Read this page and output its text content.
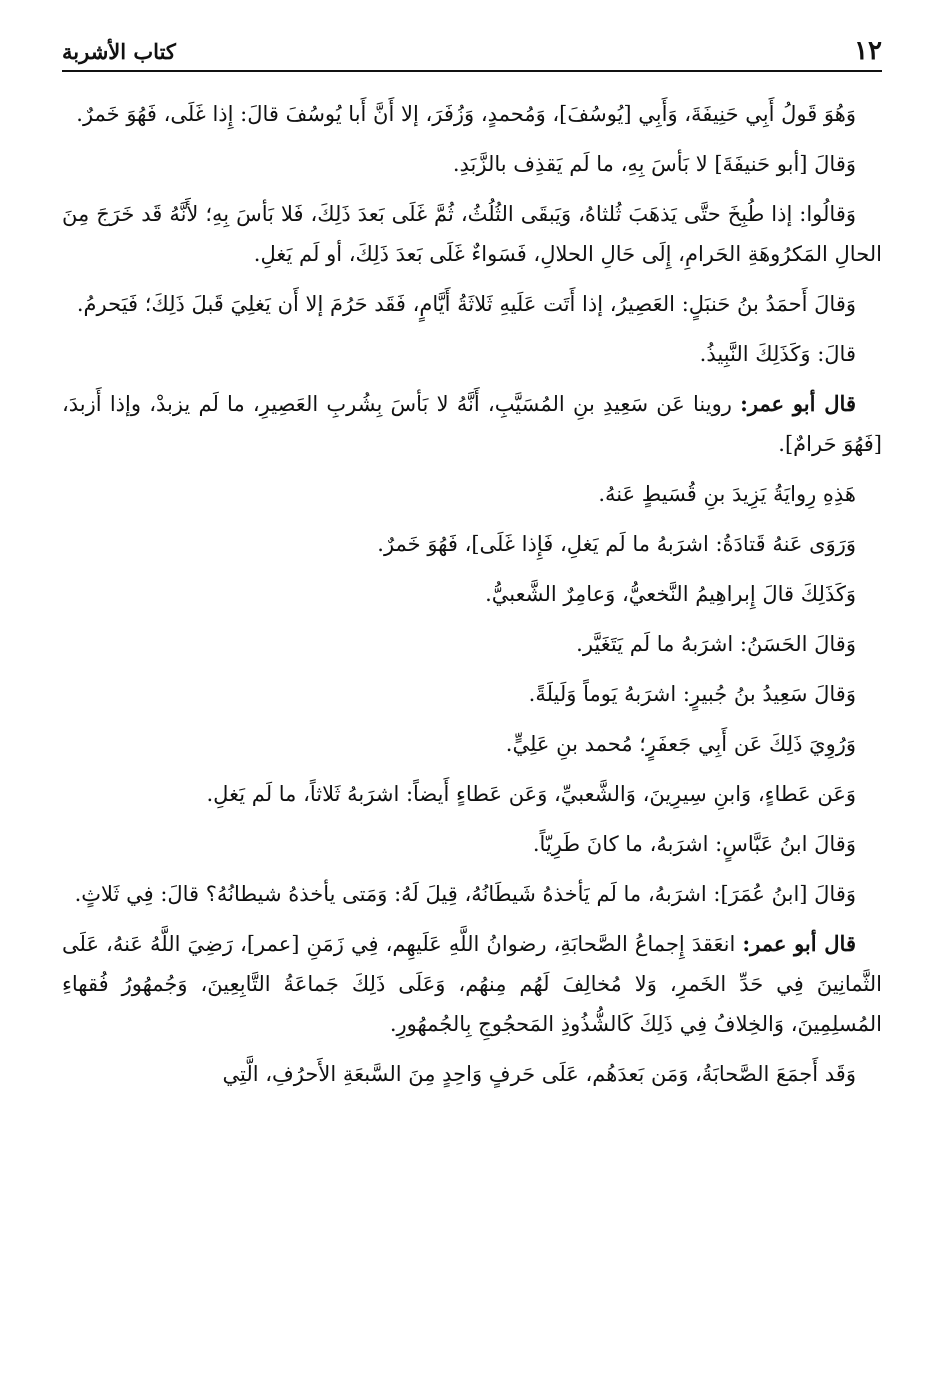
١٢
كتاب الأشربة

وَهُوَ قَولُ أَبِي حَنِيفَةَ، وَأَبِي [يُوسُفَ]، وَمُحمدٍ، وَزُفَرَ، إلا أَنَّ أَبا يُوسُفَ قالَ: إِذا غَلَى، فَهُوَ خَمرٌ.

وَقالَ [أبو حَنيفَةَ] لا بَأسَ بِهِ، ما لَم يَقذِف بالزَّبَدِ.

وَقالُوا: إذا طُبِخَ حتَّى يَذهَبَ ثُلثاهُ، وَيَبقَى الثُلُثُ، ثُمَّ غَلَى بَعدَ ذَلِكَ، فَلا بَأسَ بِهِ؛ لأَنَّهُ قَد خَرَجَ مِنَ الحالِ المَكرُوهَةِ الحَرامِ، إِلَى حَالِ الحلالِ، فَسَواءٌ غَلَى بَعدَ ذَلِكَ، أو لَم يَغلِ.

وَقالَ أَحمَدُ بنُ حَنبَلٍ: العَصِيرُ، إذا أَتَت عَلَيهِ ثَلاثَةُ أَيَّامٍ، فَقَد حَرُمَ إلا أَن يَغلِيَ قَبلَ ذَلِكَ؛ فَيَحرمُ.

قالَ: وَكَذَلِكَ النَّبِيذُ.

قال أبو عمر: روينا عَن سَعِيدِ بنِ المُسَيَّبِ، أَنَّهُ لا بَأسَ بِشُربِ العَصِيرِ، ما لَم يزبدْ، وإذا أَزبدَ، [فَهُوَ حَرامٌ].

هَذِهِ رِوايَةُ يَزِيدَ بنِ قُسَيطٍ عَنهُ.

وَرَوَى عَنهُ قَتادَةُ: اشرَبهُ ما لَم يَغلِ، فَإِذا غَلَى]، فَهُوَ خَمرٌ.

وَكَذَلِكَ قالَ إِبراهِيمُ النَّخعيُّ، وَعامِرٌ الشَّعبيُّ.

وَقالَ الحَسَنُ: اشرَبهُ ما لَم يَتَغَيَّر.

وَقالَ سَعِيدُ بنُ جُبيرٍ: اشرَبهُ يَوماً وَلَيلَةً.

وَرُوِيَ ذَلِكَ عَن أَبِي جَعفَرٍ؛ مُحمد بنِ عَلِيٍّ.

وَعَن عَطاءٍ، وَابنِ سِيرِينَ، وَالشَّعبيِّ، وَعَن عَطاءٍ أَيضاً: اشرَبهُ ثَلاثاً، ما لَم يَغلِ.

وَقالَ ابنُ عَبَّاسٍ: اشرَبهُ، ما كانَ طَرِيّاً.

وَقالَ [ابنُ عُمَرَ]: اشرَبهُ، ما لَم يَأخذهُ شَيطَانُهُ، قِيلَ لَهُ: وَمَتى يأخذهُ شيطانُهُ؟ قالَ: فِي ثَلاثٍ.

قال أبو عمر: انعَقدَ إِجماعُ الصَّحابَةِ، رضوانُ اللَّهِ عَلَيهِم، فِي زَمَنِ [عمر]، رَضِيَ اللَّهُ عَنهُ، عَلَى الثَّمانِينَ فِي حَدِّ الخَمرِ، وَلا مُخالِفَ لَهُم مِنهُم، وَعَلَى ذَلِكَ جَماعَةُ التَّابِعِينَ، وَجُمهُورُ فُقهاءِ المُسلِمِينَ، وَالخِلافُ فِي ذَلِكَ كَالشُّذُوذِ المَحجُوجِ بِالجُمهُورِ.

وَقَد أَجمَعَ الصَّحابَةُ، وَمَن بَعدَهُم، عَلَى حَرفٍ وَاحِدٍ مِنَ السَّبعَةِ الأَحرُفِ، الَّتِي
